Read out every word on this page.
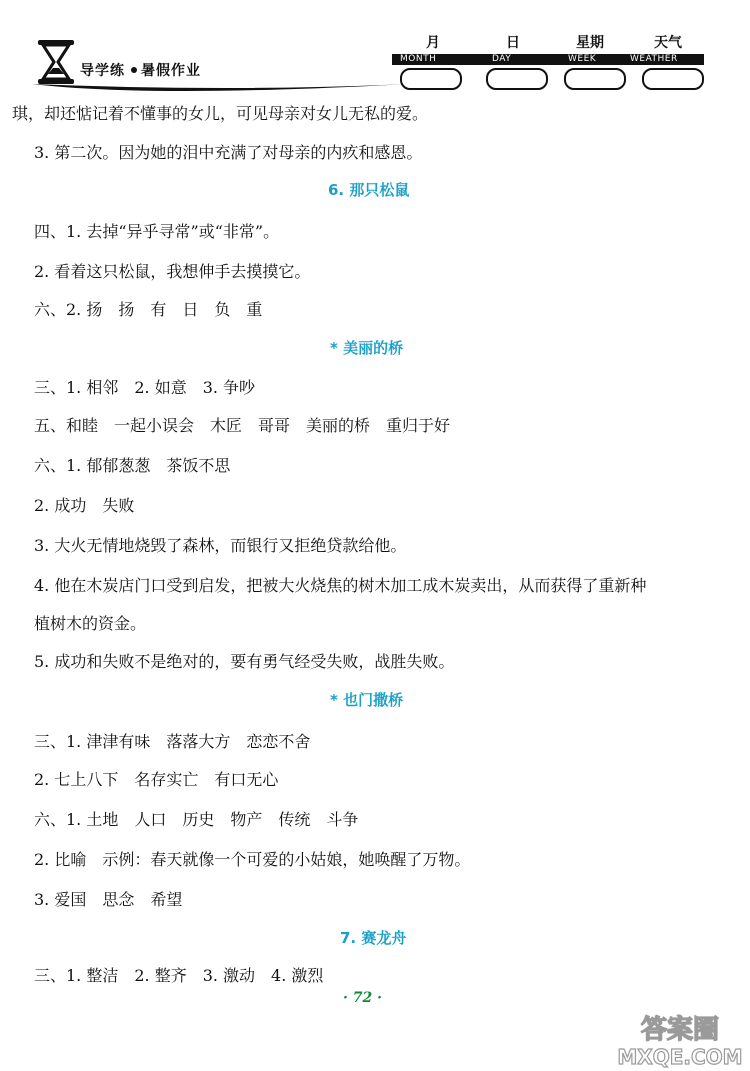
导学练 暑假作业
月	日	星期	天气
MONTH	DAY	WEEK	WEATHER
琪，却还惦记着不懂事的女儿，可见母亲对女儿无私的爱。
3. 第二次。因为她的泪中充满了对母亲的内疚和感恩。
6. 那只松鼠
四、1. 去掉“异乎寻常”或“非常”。
2. 看着这只松鼠，我想伸手去摸摸它。
六、2. 扬　扬　有　日　负　重
* 美丽的桥
三、1. 相邻　2. 如意　3. 争吵
五、和睦　一起小误会　木匠　哥哥　美丽的桥　重归于好
六、1. 郁郁葱葱　茶饭不思
2. 成功　失败
3. 大火无情地烧毁了森林，而银行又拒绝贷款给他。
4. 他在木炭店门口受到启发，把被大火烧焦的树木加工成木炭卖出，从而获得了重新种
植树木的资金。
5. 成功和失败不是绝对的，要有勇气经受失败，战胜失败。
* 也门撒桥
三、1. 津津有味　落落大方　恋恋不舍
2. 七上八下　名存实亡　有口无心
六、1. 土地　人口　历史　物产　传统　斗争
2. 比喻　示例：春天就像一个可爱的小姑娘，她唤醒了万物。
3. 爱国　思念　希望
7. 赛龙舟
三、1. 整洁　2. 整齐　3. 激动　4. 激烈
· 72 ·
答案圈
MXQE.COM
